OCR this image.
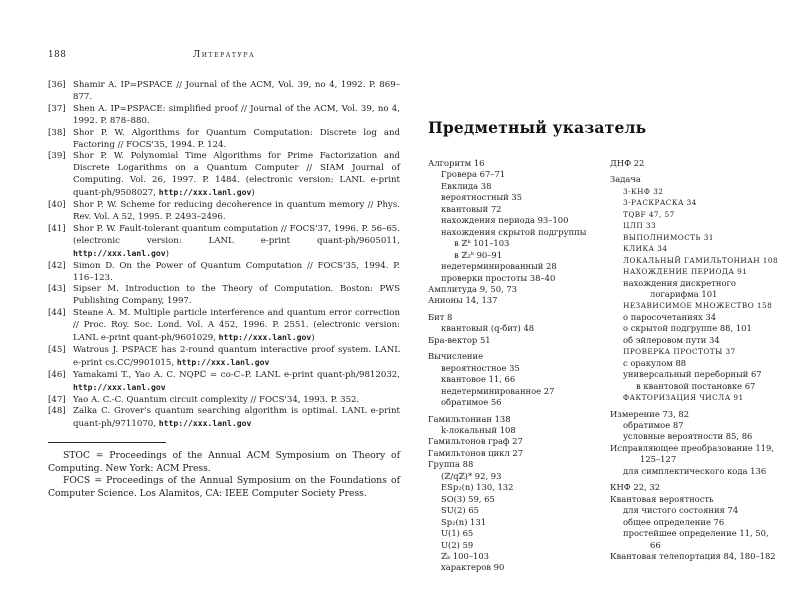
188	Литература
[36] Shamir A. IP=PSPACE // Journal of the ACM, Vol. 39, no 4, 1992. P. 869–877.
[37] Shen A. IP=PSPACE: simplified proof // Journal of the ACM, Vol. 39, no 4, 1992. P. 878–880.
[38] Shor P. W. Algorithms for Quantum Computation: Discrete log and Factoring // FOCS'35, 1994. P. 124.
[39] Shor P. W. Polynomial Time Algorithms for Prime Factorization and Discrete Logarithms on a Quantum Computer // SIAM Journal of Computing. Vol. 26, 1997. P. 1484. (electronic version: LANL e-print quant-ph/9508027, http://xxx.lanl.gov)
[40] Shor P. W. Scheme for reducing decoherence in quantum memory // Phys. Rev. Vol. A 52, 1995. P. 2493–2496.
[41] Shor P. W. Fault-tolerant quantum computation // FOCS'37, 1996. P. 56–65. (electronic version: LANL e-print quant-ph/9605011, http://xxx.lanl.gov)
[42] Simon D. On the Power of Quantum Computation // FOCS'35, 1994. P. 116–123.
[43] Sipser M. Introduction to the Theory of Computation. Boston: PWS Publishing Company, 1997.
[44] Steane A. M. Multiple particle interference and quantum error correction // Proc. Roy. Soc. Lond. Vol. A 452, 1996. P. 2551. (electronic version: LANL e-print quant-ph/9601029, http://xxx.lanl.gov)
[45] Watrous J. PSPACE has 2-round quantum interactive proof system. LANL e-print cs.CC/9901015, http://xxx.lanl.gov
[46] Yamakami T., Yao A. C. NQPℂ = co-C₌P. LANL e-print quant-ph/9812032, http://xxx.lanl.gov
[47] Yao A. C.-C. Quantum circuit complexity // FOCS'34, 1993. P. 352.
[48] Zalka C. Grover's quantum searching algorithm is optimal. LANL e-print quant-ph/9711070, http://xxx.lanl.gov

STOC = Proceedings of the Annual ACM Symposium on Theory of Computing. New York: ACM Press.

FOCS = Proceedings of the Annual Symposium on the Foundations of Computer Science. Los Alamitos, CA: IEEE Computer Society Press.

Предметный указатель
Алгоритм 16
Гровера 67–71
Евклида 38
вероятностный 35
квантовый 72
нахождения периода 93–100
нахождения скрытой подгруппы
в ℤᵏ 101–103
в ℤ₂ᵏ 90–91
недетерминированный 28
проверки простоты 38–40
Амплитуда 9, 50, 73
Анионы 14, 137
Бит 8
квантовый (q-бит) 48
Бра-вектор 51
Вычисление
вероятностное 35
квантовое 11, 66
недетерминированное 27
обратимое 56
Гамильтониан 138
k-локальный 108
Гамильтонов граф 27
Гамильтонов цикл 27
Группа 88
(ℤ/qℤ)* 92, 93
ESp₂(n) 130, 132
SO(3) 59, 65
SU(2) 65
Sp₂(n) 131
U(1) 65
U(2) 59
ℤₖ 100–103
характеров 90
ДНФ 22
Задача
3-КНФ 32
3-РАСКРАСКА 34
TQBF 47, 57
ЦЛП 33
ВЫПОЛНИМОСТЬ 31
КЛИКА 34
ЛОКАЛЬНЫЙ ГАМИЛЬТОНИАН 108
НАХОЖДЕНИЕ ПЕРИОДА 91
нахождения дискретного логарифма 101
НЕЗАВИСИМОЕ МНОЖЕСТВО 158
о паросочетаниях 34
о скрытой подгруппе 88, 101
об эйлеровом пути 34
ПРОВЕРКА ПРОСТОТЫ 37
с оракулом 88
универсальный переборный 67
в квантовой постановке 67
ФАКТОРИЗАЦИЯ ЧИСЛА 91
Измерение 73, 82
обратимое 87
условные вероятности 85, 86
Исправляющее преобразование 119, 125–127
для симплектического кода 136
КНФ 22, 32
Квантовая вероятность
для чистого состояния 74
общее определение 76
простейшее определение 11, 50, 66
Квантовая телепортация 84, 180–182
